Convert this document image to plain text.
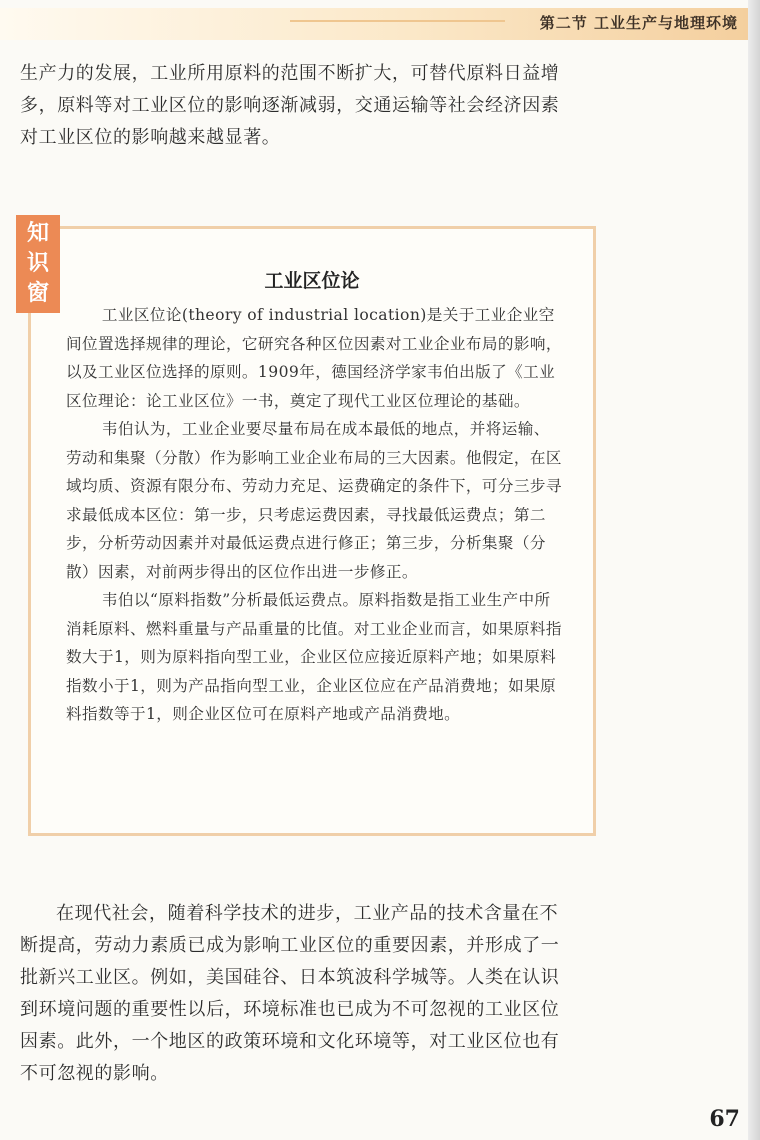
第二节 工业生产与地理环境

生产力的发展，工业所用原料的范围不断扩大，可替代原料日益增

多，原料等对工业区位的影响逐渐减弱，交通运输等社会经济因素

对工业区位的影响越来越显著。

知
识
窗	工业区位论

工业区位论(theory of industrial location)是关于工业企业空间位置选择规律的理论，它研究各种区位因素对工业企业布局的影响，以及工业区位选择的原则。1909年，德国经济学家韦伯出版了《工业区位理论：论工业区位》一书，奠定了现代工业区位理论的基础。

韦伯认为，工业企业要尽量布局在成本最低的地点，并将运输、劳动和集聚（分散）作为影响工业企业布局的三大因素。他假定，在区域均质、资源有限分布、劳动力充足、运费确定的条件下，可分三步寻求最低成本区位：第一步，只考虑运费因素，寻找最低运费点；第二步，分析劳动因素并对最低运费点进行修正；第三步，分析集聚（分散）因素，对前两步得出的区位作出进一步修正。

韦伯以“原料指数”分析最低运费点。原料指数是指工业生产中所消耗原料、燃料重量与产品重量的比值。对工业企业而言，如果原料指数大于1，则为原料指向型工业，企业区位应接近原料产地；如果原料指数小于1，则为产品指向型工业，企业区位应在产品消费地；如果原料指数等于1，则企业区位可在原料产地或产品消费地。

在现代社会，随着科学技术的进步，工业产品的技术含量在不

断提高，劳动力素质已成为影响工业区位的重要因素，并形成了一

批新兴工业区。例如，美国硅谷、日本筑波科学城等。人类在认识

到环境问题的重要性以后，环境标准也已成为不可忽视的工业区位

因素。此外，一个地区的政策环境和文化环境等，对工业区位也有

不可忽视的影响。

67
